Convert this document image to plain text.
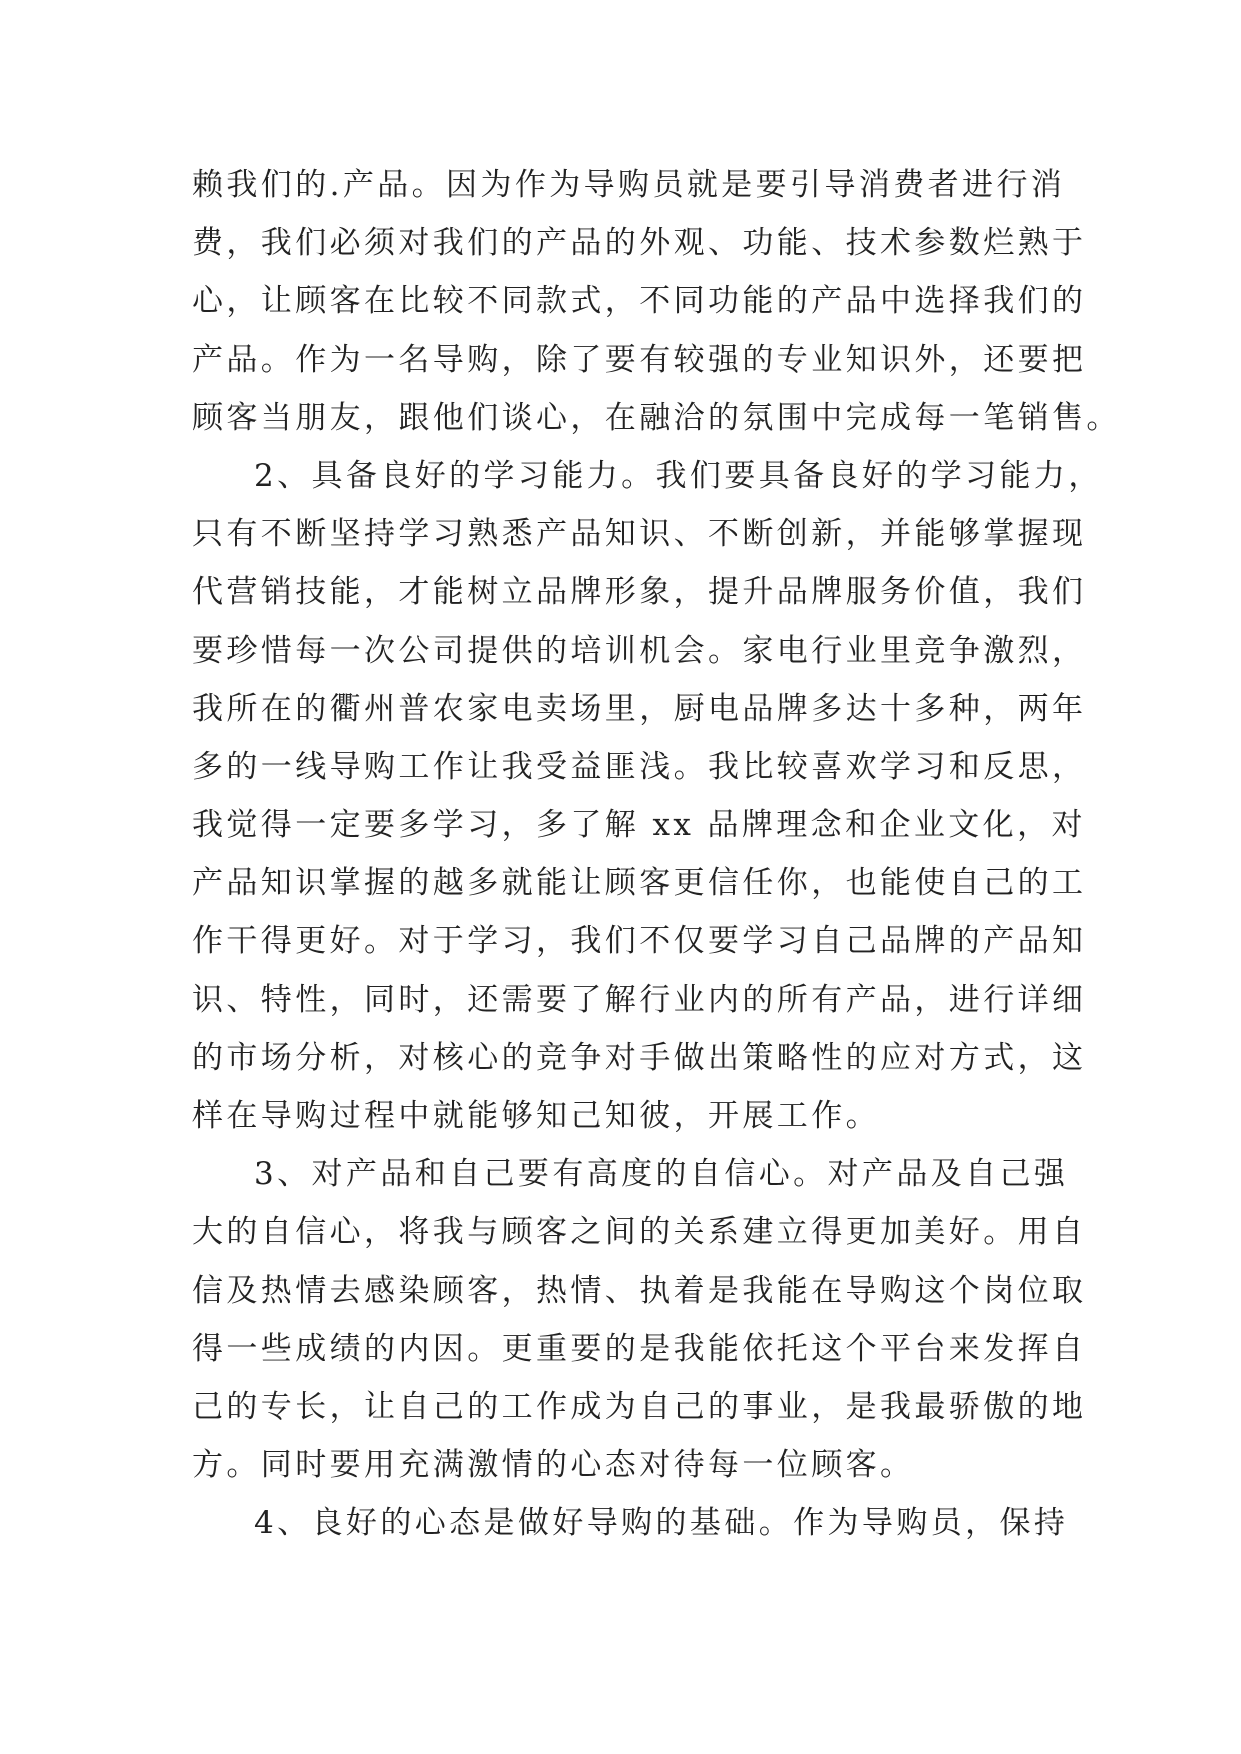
赖我们的.产品。因为作为导购员就是要引导消费者进行消
费，我们必须对我们的产品的外观、功能、技术参数烂熟于
心，让顾客在比较不同款式，不同功能的产品中选择我们的
产品。作为一名导购，除了要有较强的专业知识外，还要把
顾客当朋友，跟他们谈心，在融洽的氛围中完成每一笔销售。
2、具备良好的学习能力。我们要具备良好的学习能力，
只有不断坚持学习熟悉产品知识、不断创新，并能够掌握现
代营销技能，才能树立品牌形象，提升品牌服务价值，我们
要珍惜每一次公司提供的培训机会。家电行业里竞争激烈，
我所在的衢州普农家电卖场里，厨电品牌多达十多种，两年
多的一线导购工作让我受益匪浅。我比较喜欢学习和反思，
我觉得一定要多学习，多了解 xx 品牌理念和企业文化，对
产品知识掌握的越多就能让顾客更信任你，也能使自己的工
作干得更好。对于学习，我们不仅要学习自己品牌的产品知
识、特性，同时，还需要了解行业内的所有产品，进行详细
的市场分析，对核心的竞争对手做出策略性的应对方式，这
样在导购过程中就能够知己知彼，开展工作。
3、对产品和自己要有高度的自信心。对产品及自己强
大的自信心，将我与顾客之间的关系建立得更加美好。用自
信及热情去感染顾客，热情、执着是我能在导购这个岗位取
得一些成绩的内因。更重要的是我能依托这个平台来发挥自
己的专长，让自己的工作成为自己的事业，是我最骄傲的地
方。同时要用充满激情的心态对待每一位顾客。
4、良好的心态是做好导购的基础。作为导购员，保持
